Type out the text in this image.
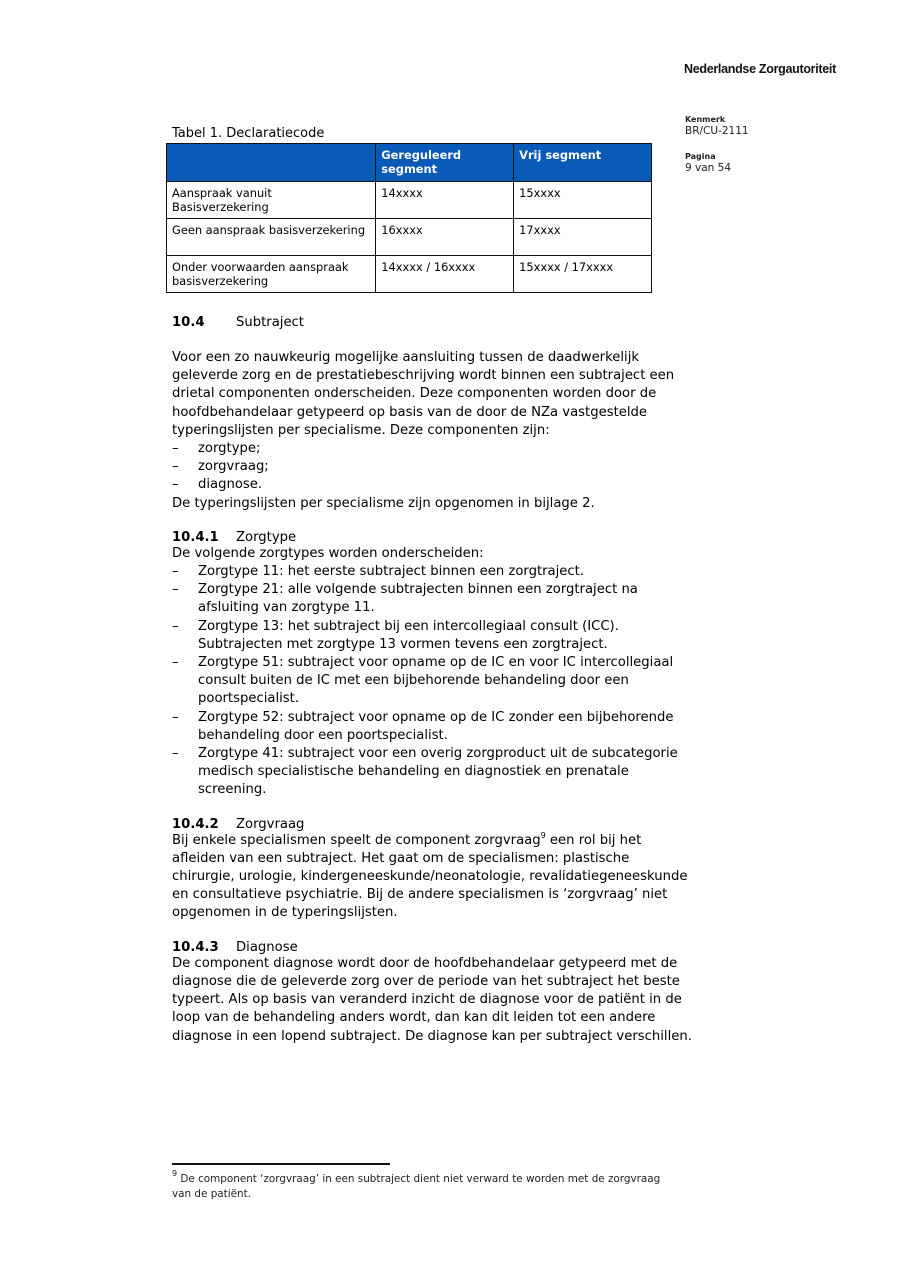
Nederlandse Zorgautoriteit
Kenmerk
BR/CU-2111
Pagina
9 van 54
Tabel 1. Declaratiecode
	Gereguleerd segment	Vrij segment
Aanspraak vanuit Basisverzekering	14xxxx	15xxxx
Geen aanspraak basisverzekering	16xxxx	17xxxx
Onder voorwaarden aanspraak basisverzekering	14xxxx / 16xxxx	15xxxx / 17xxxx
10.4 Subtraject

Voor een zo nauwkeurig mogelijke aansluiting tussen de daadwerkelijk geleverde zorg en de prestatiebeschrijving wordt binnen een subtraject een drietal componenten onderscheiden. Deze componenten worden door de hoofdbehandelaar getypeerd op basis van de door de NZa vastgestelde typeringslijsten per specialisme. Deze componenten zijn:

– zorgtype;
– zorgvraag;
– diagnose.

De typeringslijsten per specialisme zijn opgenomen in bijlage 2.

10.4.1 Zorgtype

De volgende zorgtypes worden onderscheiden:

– Zorgtype 11: het eerste subtraject binnen een zorgtraject.
– Zorgtype 21: alle volgende subtrajecten binnen een zorgtraject na afsluiting van zorgtype 11.
– Zorgtype 13: het subtraject bij een intercollegiaal consult (ICC). Subtrajecten met zorgtype 13 vormen tevens een zorgtraject.
– Zorgtype 51: subtraject voor opname op de IC en voor IC intercollegiaal consult buiten de IC met een bijbehorende behandeling door een poortspecialist.
– Zorgtype 52: subtraject voor opname op de IC zonder een bijbehorende behandeling door een poortspecialist.
– Zorgtype 41: subtraject voor een overig zorgproduct uit de subcategorie medisch specialistische behandeling en diagnostiek en prenatale screening.
10.4.2 Zorgvraag

Bij enkele specialismen speelt de component zorgvraag$^9$ een rol bij het afleiden van een subtraject. Het gaat om de specialismen: plastische chirurgie, urologie, kindergeneeskunde/neonatologie, revalidatiegeneeskunde en consultatieve psychiatrie. Bij de andere specialismen is ‘zorgvraag’ niet opgenomen in de typeringslijsten.

10.4.3 Diagnose

De component diagnose wordt door de hoofdbehandelaar getypeerd met de diagnose die de geleverde zorg over de periode van het subtraject het beste typeert. Als op basis van veranderd inzicht de diagnose voor de patiënt in de loop van de behandeling anders wordt, dan kan dit leiden tot een andere diagnose in een lopend subtraject. De diagnose kan per subtraject verschillen.

$^9$ De component ‘zorgvraag’ in een subtraject dient niet verward te worden met de zorgvraag van de patiënt.
